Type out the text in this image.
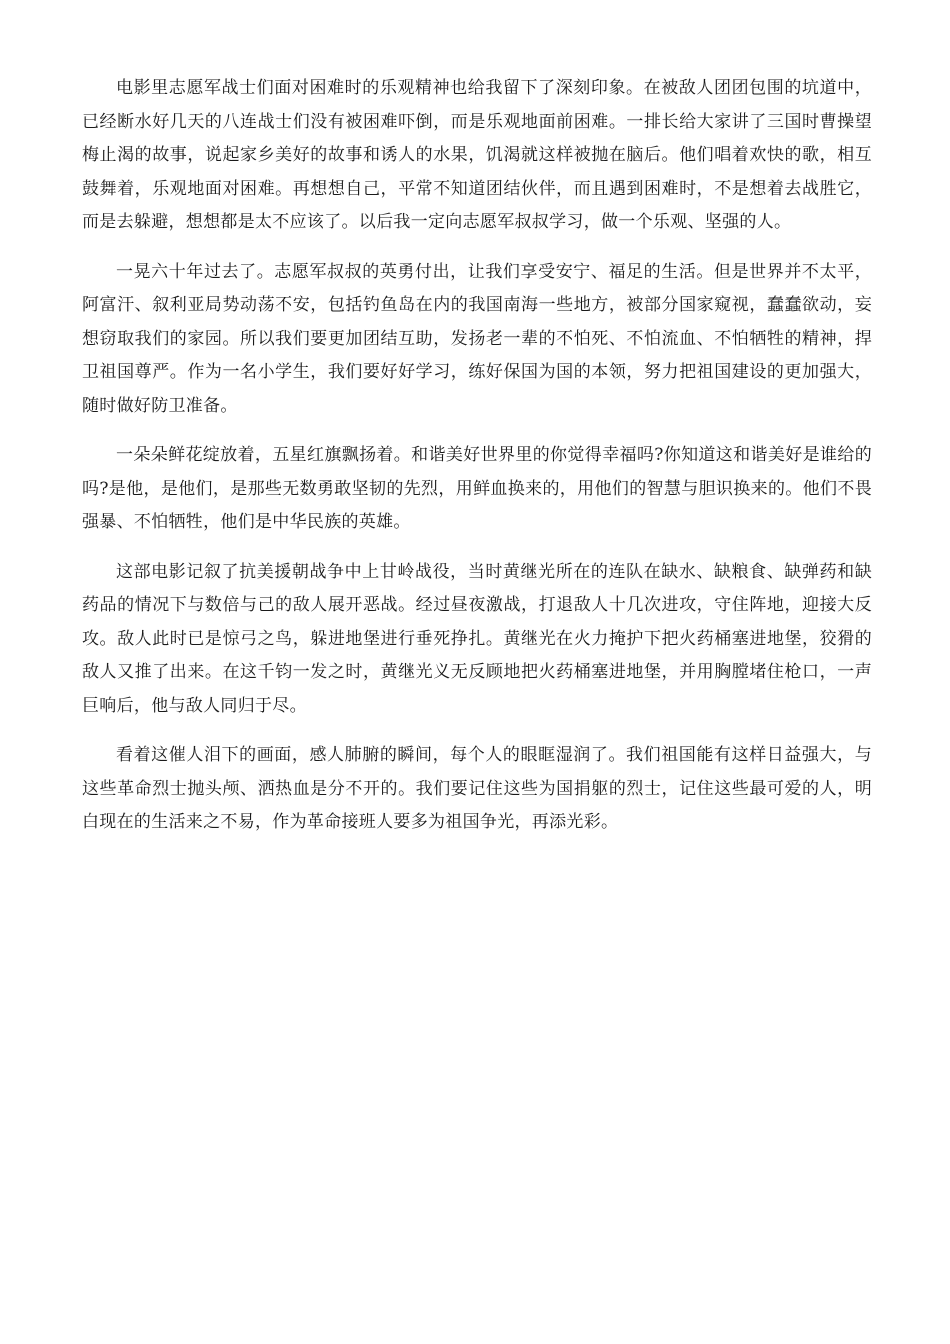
电影里志愿军战士们面对困难时的乐观精神也给我留下了深刻印象。在被敌人团团包围的坑道中，已经断水好几天的八连战士们没有被困难吓倒，而是乐观地面前困难。一排长给大家讲了三国时曹操望梅止渴的故事，说起家乡美好的故事和诱人的水果，饥渴就这样被抛在脑后。他们唱着欢快的歌，相互鼓舞着，乐观地面对困难。再想想自己，平常不知道团结伙伴，而且遇到困难时，不是想着去战胜它，而是去躲避，想想都是太不应该了。以后我一定向志愿军叔叔学习，做一个乐观、坚强的人。

一晃六十年过去了。志愿军叔叔的英勇付出，让我们享受安宁、福足的生活。但是世界并不太平，阿富汗、叙利亚局势动荡不安，包括钓鱼岛在内的我国南海一些地方，被部分国家窥视，蠢蠢欲动，妄想窃取我们的家园。所以我们要更加团结互助，发扬老一辈的不怕死、不怕流血、不怕牺牲的精神，捍卫祖国尊严。作为一名小学生，我们要好好学习，练好保国为国的本领，努力把祖国建设的更加强大，随时做好防卫准备。

一朵朵鲜花绽放着，五星红旗飘扬着。和谐美好世界里的你觉得幸福吗?你知道这和谐美好是谁给的吗?是他，是他们，是那些无数勇敢坚韧的先烈，用鲜血换来的，用他们的智慧与胆识换来的。他们不畏强暴、不怕牺牲，他们是中华民族的英雄。

这部电影记叙了抗美援朝战争中上甘岭战役，当时黄继光所在的连队在缺水、缺粮食、缺弹药和缺药品的情况下与数倍与己的敌人展开恶战。经过昼夜激战，打退敌人十几次进攻，守住阵地，迎接大反攻。敌人此时已是惊弓之鸟，躲进地堡进行垂死挣扎。黄继光在火力掩护下把火药桶塞进地堡，狡猾的敌人又推了出来。在这千钧一发之时，黄继光义无反顾地把火药桶塞进地堡，并用胸膛堵住枪口，一声巨响后，他与敌人同归于尽。

看着这催人泪下的画面，感人肺腑的瞬间，每个人的眼眶湿润了。我们祖国能有这样日益强大，与这些革命烈士抛头颅、洒热血是分不开的。我们要记住这些为国捐躯的烈士，记住这些最可爱的人，明白现在的生活来之不易，作为革命接班人要多为祖国争光，再添光彩。
